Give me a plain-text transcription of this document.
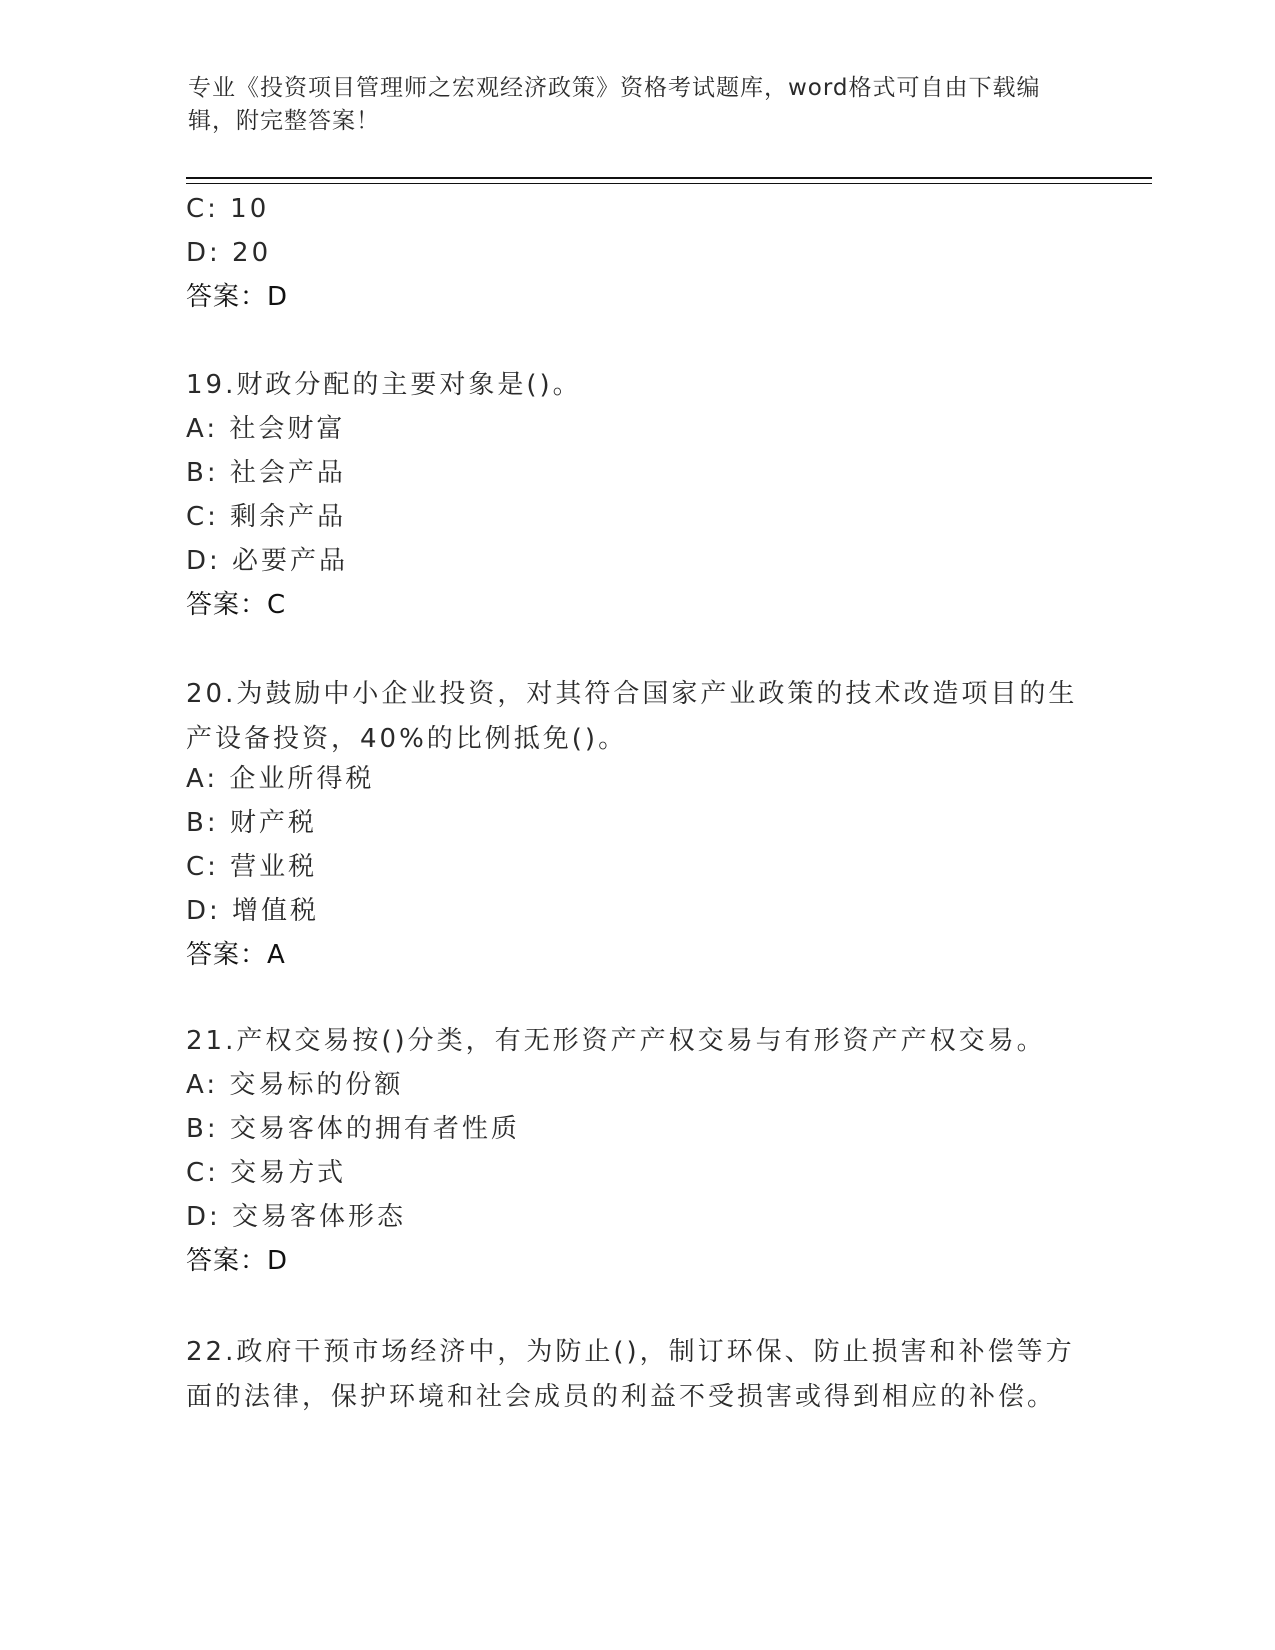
专业《投资项目管理师之宏观经济政策》资格考试题库，word格式可自由下载编辑，附完整答案！
C: 10
D: 20
答案：D
19.财政分配的主要对象是()。
A: 社会财富
B: 社会产品
C: 剩余产品
D: 必要产品
答案：C
20.为鼓励中小企业投资，对其符合国家产业政策的技术改造项目的生产设备投资，40%的比例抵免()。
A: 企业所得税
B: 财产税
C: 营业税
D: 增值税
答案：A
21.产权交易按()分类，有无形资产产权交易与有形资产产权交易。
A: 交易标的份额
B: 交易客体的拥有者性质
C: 交易方式
D: 交易客体形态
答案：D
22.政府干预市场经济中，为防止()，制订环保、防止损害和补偿等方面的法律，保护环境和社会成员的利益不受损害或得到相应的补偿。
